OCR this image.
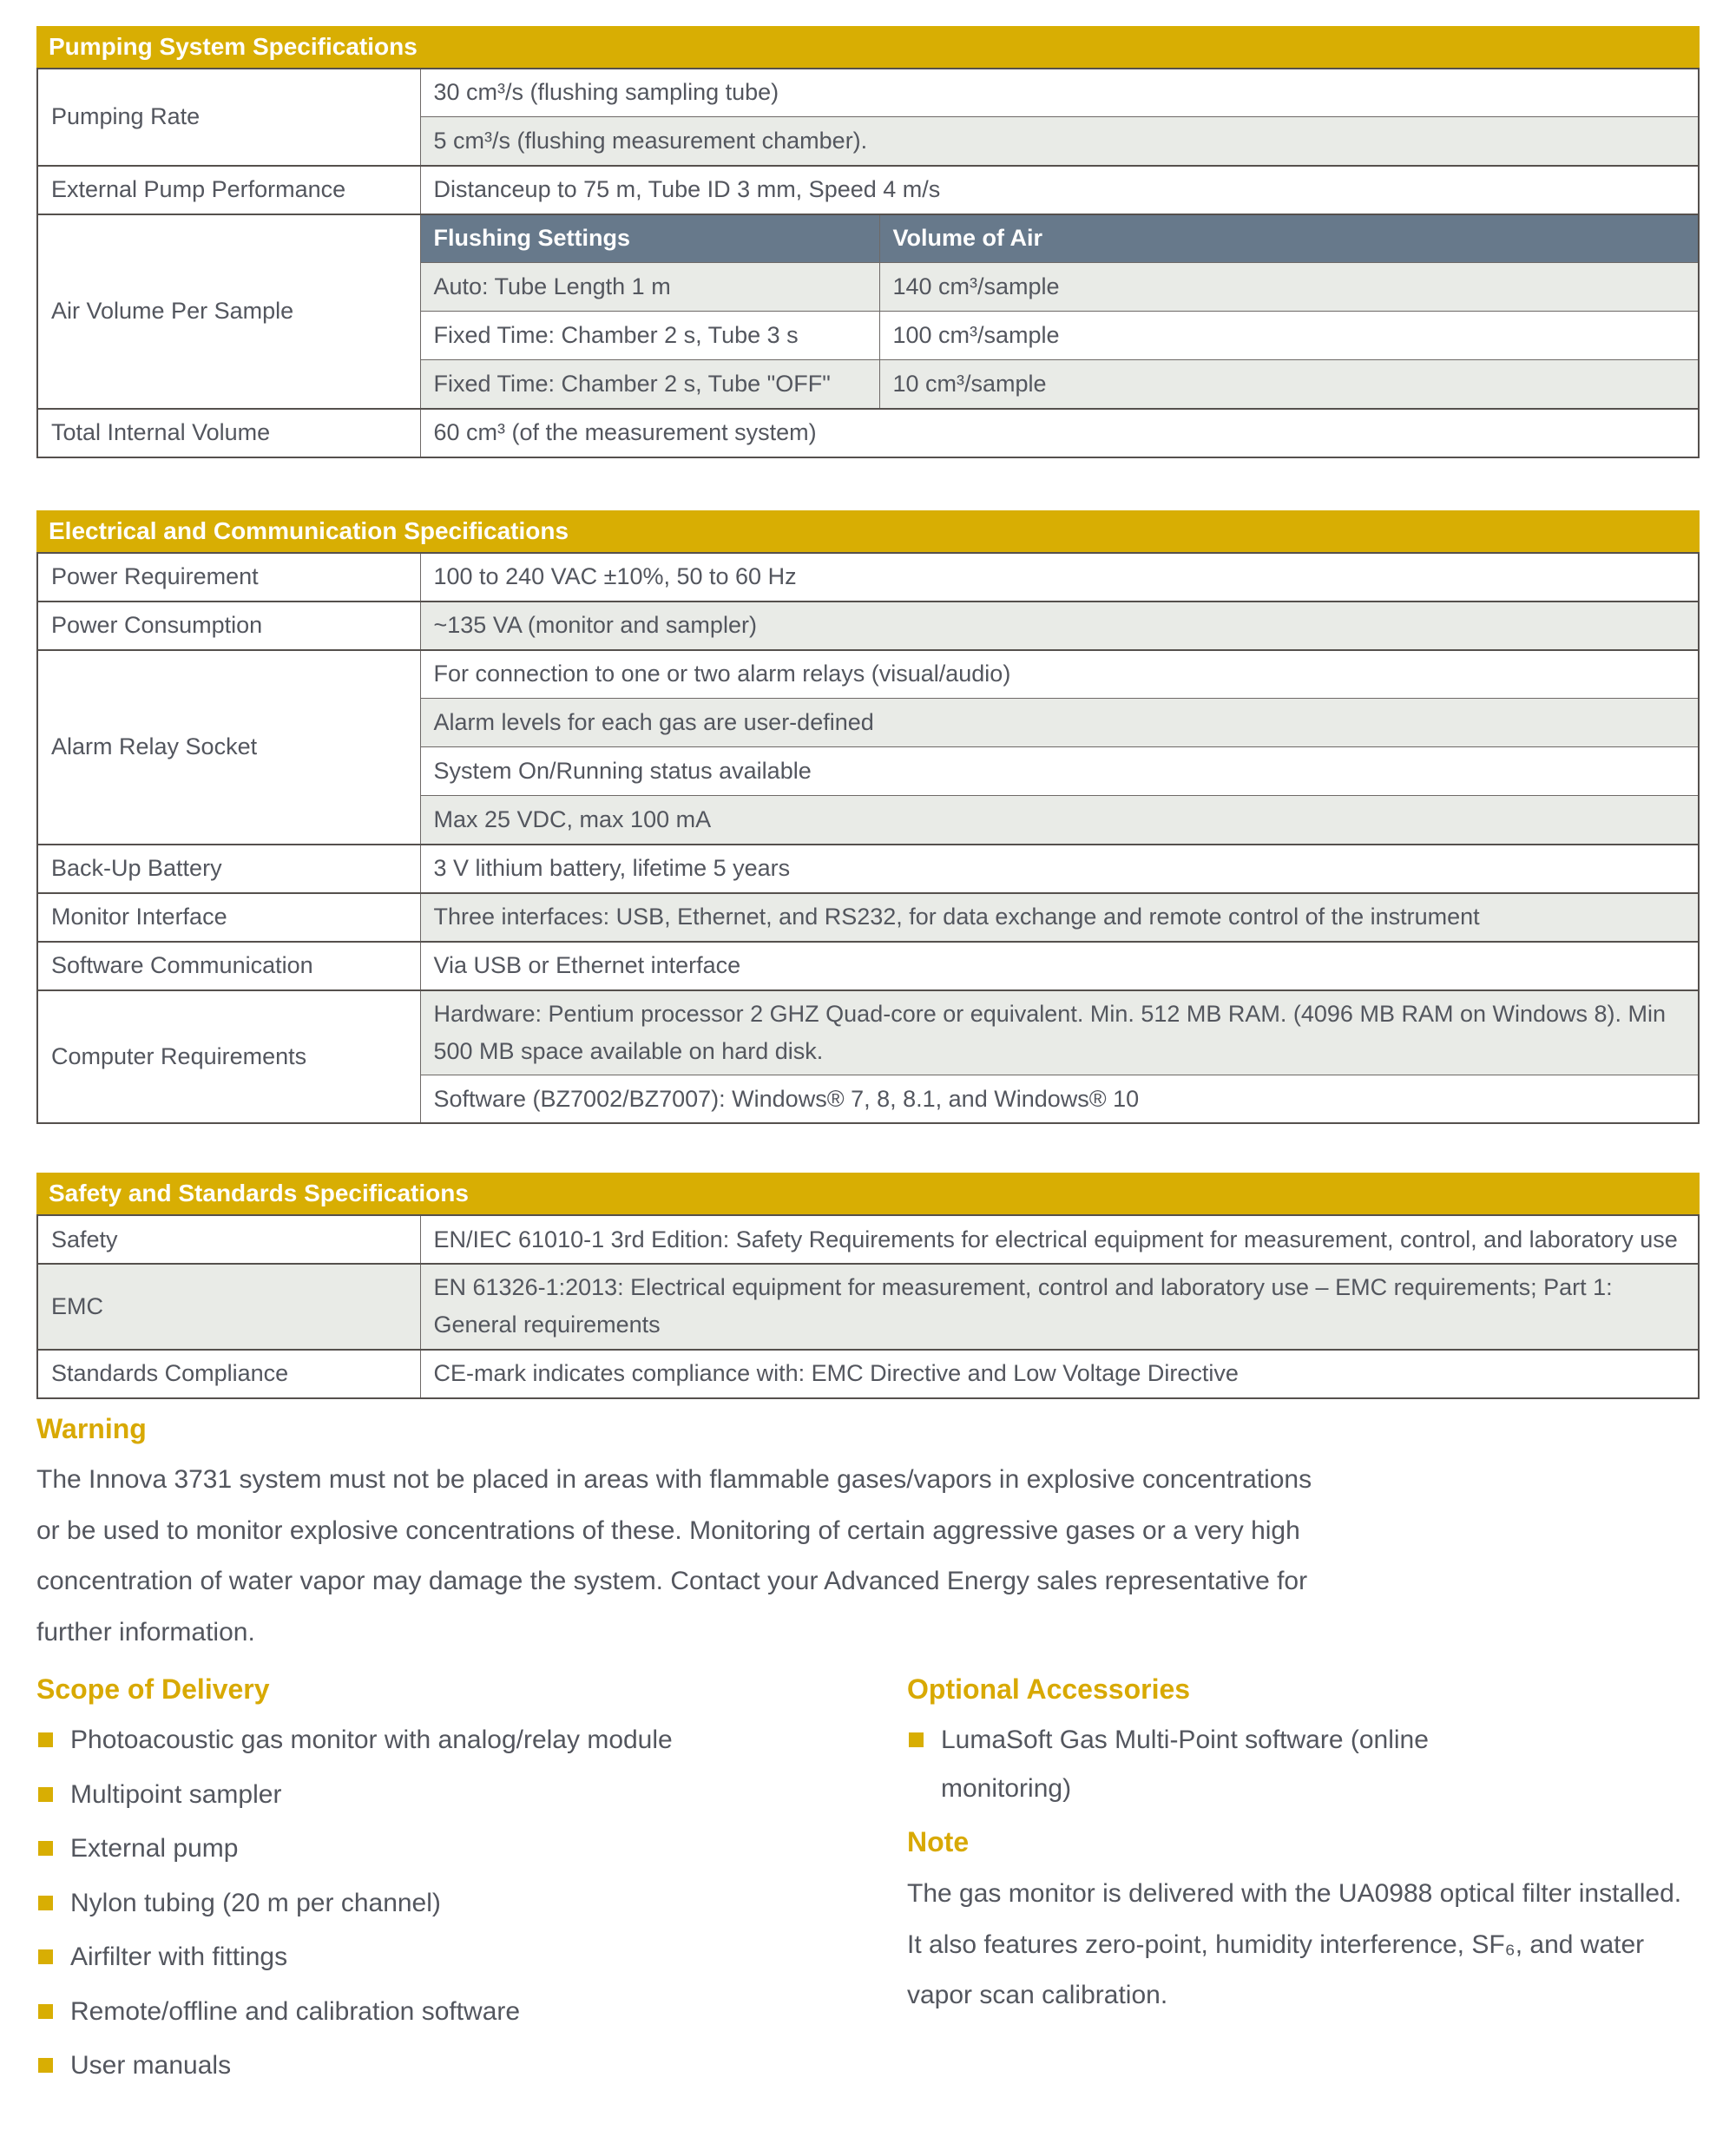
Pumping System Specifications
Pumping Rate	30 cm³/s (flushing sampling tube)	
	5 cm³/s (flushing measurement chamber).	
External Pump Performance	Distanceup to 75 m, Tube ID 3 mm, Speed 4 m/s	
Air Volume Per Sample	Flushing Settings	Volume of Air
	Auto: Tube Length 1 m	140 cm³/sample
	Fixed Time: Chamber 2 s, Tube 3 s	100 cm³/sample
	Fixed Time: Chamber 2 s, Tube "OFF"	10 cm³/sample
Total Internal Volume	60 cm³ (of the measurement system)	
Electrical and Communication Specifications
Power Requirement	100 to 240 VAC ±10%, 50 to 60 Hz
Power Consumption	~135 VA (monitor and sampler)
Alarm Relay Socket	For connection to one or two alarm relays (visual/audio)
	Alarm levels for each gas are user-defined
	System On/Running status available
	Max 25 VDC, max 100 mA
Back-Up Battery	3 V lithium battery, lifetime 5 years
Monitor Interface	Three interfaces: USB, Ethernet, and RS232, for data exchange and remote control of the instrument
Software Communication	Via USB or Ethernet interface
Computer Requirements	Hardware: Pentium processor 2 GHZ Quad-core or equivalent. Min. 512 MB RAM. (4096 MB RAM on Windows 8). Min 500 MB space available on hard disk.
	Software (BZ7002/BZ7007): Windows® 7, 8, 8.1, and Windows® 10
Safety and Standards Specifications
Safety	EN/IEC 61010-1 3rd Edition: Safety Requirements for electrical equipment for measurement, control, and laboratory use
EMC	EN 61326-1:2013: Electrical equipment for measurement, control and laboratory use – EMC requirements; Part 1: General requirements
Standards Compliance	CE-mark indicates compliance with: EMC Directive and Low Voltage Directive
Warning

The Innova 3731 system must not be placed in areas with flammable gases/vapors in explosive concentrations or be used to monitor explosive concentrations of these. Monitoring of certain aggressive gases or a very high concentration of water vapor may damage the system. Contact your Advanced Energy sales representative for further information.

Scope of Delivery
Photoacoustic gas monitor with analog/relay module
Multipoint sampler
External pump
Nylon tubing (20 m per channel)
Airfilter with fittings
Remote/offline and calibration software
User manuals
Optional Accessories
LumaSoft Gas Multi-Point software (online monitoring)
Note

The gas monitor is delivered with the UA0988 optical filter installed. It also features zero-point, humidity interference, SF₆, and water vapor scan calibration.
